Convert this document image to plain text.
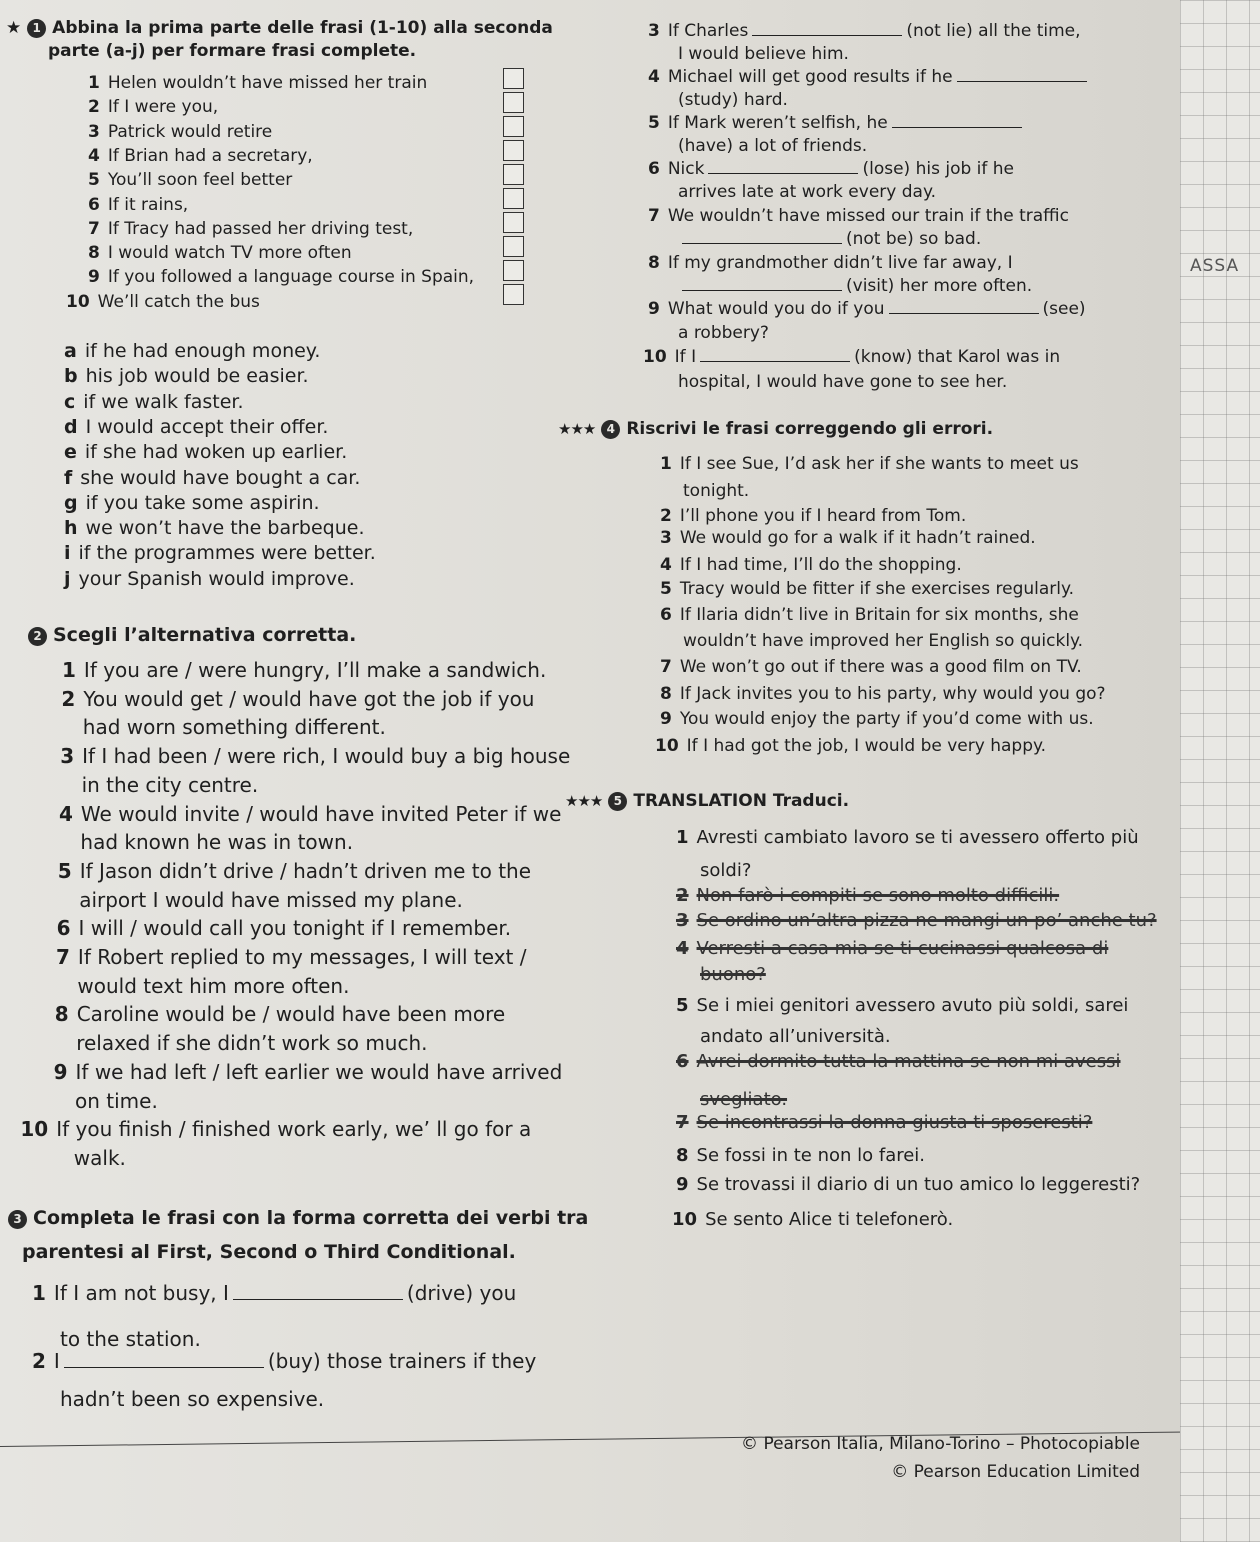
★ 1 Abbina la prima parte delle frasi (1-10) alla seconda
parte (a-j) per formare frasi complete.
1 Helen wouldn’t have missed her train
2 If I were you,
3 Patrick would retire
4 If Brian had a secretary,
5 You’ll soon feel better
6 If it rains,
7 If Tracy had passed her driving test,
8 I would watch TV more often
9 If you followed a language course in Spain,
10 We’ll catch the bus
a if he had enough money.
b his job would be easier.
c if we walk faster.
d I would accept their offer.
e if she had woken up earlier.
f she would have bought a car.
g if you take some aspirin.
h we won’t have the barbeque.
i if the programmes were better.
j your Spanish would improve.
2 Scegli l’alternativa corretta.
1 If you are / were hungry, I’ll make a sandwich.
2 You would get / would have got the job if you
had worn something different.
3 If I had been / were rich, I would buy a big house
in the city centre.
4 We would invite / would have invited Peter if we
had known he was in town.
5 If Jason didn’t drive / hadn’t driven me to the
airport I would have missed my plane.
6 I will / would call you tonight if I remember.
7 If Robert replied to my messages, I will text /
would text him more often.
8 Caroline would be / would have been more
relaxed if she didn’t work so much.
9 If we had left / left earlier we would have arrived
on time.
10 If you finish / finished work early, we’ ll go for a
walk.
3 Completa le frasi con la forma corretta dei verbi tra
parentesi al First, Second o Third Conditional.
1 If I am not busy, I	(drive) you
to the station.
2 I	(buy) those trainers if they
hadn’t been so expensive.
3 If Charles	(not lie) all the time,
I would believe him.
4 Michael will get good results if he
(study) hard.
5 If Mark weren’t selfish, he
(have) a lot of friends.
6 Nick	(lose) his job if he
arrives late at work every day.
7 We wouldn’t have missed our train if the traffic
(not be) so bad.
8 If my grandmother didn’t live far away, I
(visit) her more often.
9 What would you do if you	(see)
a robbery?
10 If I	(know) that Karol was in
hospital, I would have gone to see her.
★★★ 4 Riscrivi le frasi correggendo gli errori.
1 If I see Sue, I’d ask her if she wants to meet us
tonight.
2 I’ll phone you if I heard from Tom.
3 We would go for a walk if it hadn’t rained.
4 If I had time, I’ll do the shopping.
5 Tracy would be fitter if she exercises regularly.
6 If Ilaria didn’t live in Britain for six months, she
wouldn’t have improved her English so quickly.
7 We won’t go out if there was a good film on TV.
8 If Jack invites you to his party, why would you go?
9 You would enjoy the party if you’d come with us.
10 If I had got the job, I would be very happy.
★★★ 5 TRANSLATION Traduci.
1 Avresti cambiato lavoro se ti avessero offerto più
soldi?
2 Non farò i compiti se sono molto difficili.
3 Se ordino un’altra pizza ne mangi un po’ anche tu?
4 Verresti a casa mia se ti cucinassi qualcosa di
buono?
5 Se i miei genitori avessero avuto più soldi, sarei
andato all’università.
6 Avrei dormito tutta la mattina se non mi avessi
svegliato.
7 Se incontrassi la donna giusta ti sposeresti?
8 Se fossi in te non lo farei.
9 Se trovassi il diario di un tuo amico lo leggeresti?
10 Se sento Alice ti telefonerò.
© Pearson Italia, Milano-Torino – Photocopiable
© Pearson Education Limited
ASSA
